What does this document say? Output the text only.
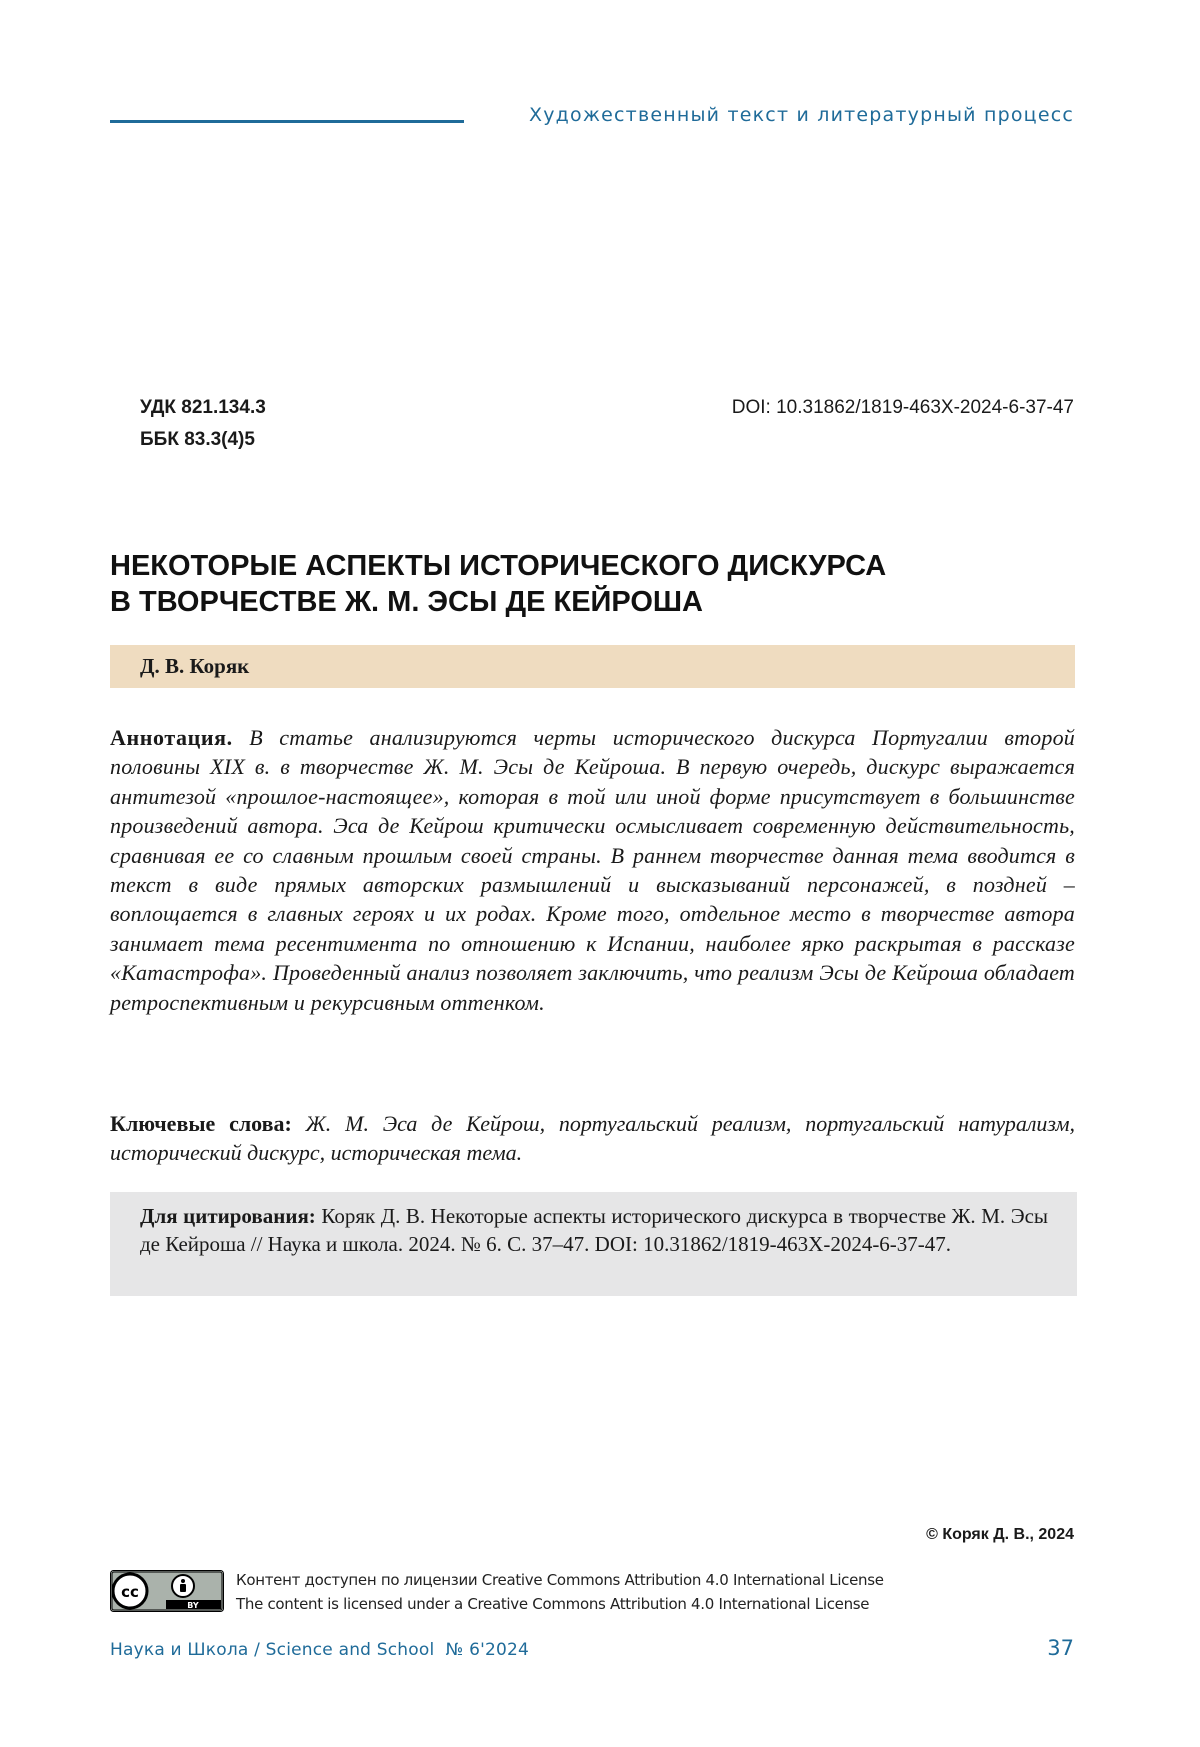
Художественный текст и литературный процесс
УДК 821.134.3
ББК 83.3(4)5
DOI: 10.31862/1819-463X-2024-6-37-47
НЕКОТОРЫЕ АСПЕКТЫ ИСТОРИЧЕСКОГО ДИСКУРСА
В ТВОРЧЕСТВЕ Ж. М. ЭСЫ ДЕ КЕЙРОША
Д. В. Коряк
Аннотация. В статье анализируются черты исторического дискурса Португалии второй половины XIX в. в творчестве Ж. М. Эсы де Кейроша. В первую очередь, дискурс выражается антитезой «прошлое-настоящее», которая в той или иной форме присутствует в большинстве произведений автора. Эса де Кейрош критически осмысливает современную действительность, сравнивая ее со славным прошлым своей страны. В раннем творчестве данная тема вводится в текст в виде прямых авторских размышлений и высказываний персонажей, в поздней – воплощается в главных героях и их родах. Кроме того, отдельное место в творчестве автора занимает тема ресентимента по отношению к Испании, наиболее ярко раскрытая в рассказе «Катастрофа». Проведенный анализ позволяет заключить, что реализм Эсы де Кейроша обладает ретроспективным и рекурсивным оттенком.
Ключевые слова: Ж. М. Эса де Кейрош, португальский реализм, португальский натурализм, исторический дискурс, историческая тема.
Для цитирования: Коряк Д. В. Некоторые аспекты исторического дискурса в творчестве Ж. М. Эсы де Кейроша // Наука и школа. 2024. № 6. С. 37–47. DOI: 10.31862/1819-463X-2024-6-37-47.
© Коряк Д. В., 2024
cc
BY
Контент доступен по лицензии Creative Commons Attribution 4.0 International License
The content is licensed under a Creative Commons Attribution 4.0 International License
Наука и Школа / Science and School  № 6'2024	37
